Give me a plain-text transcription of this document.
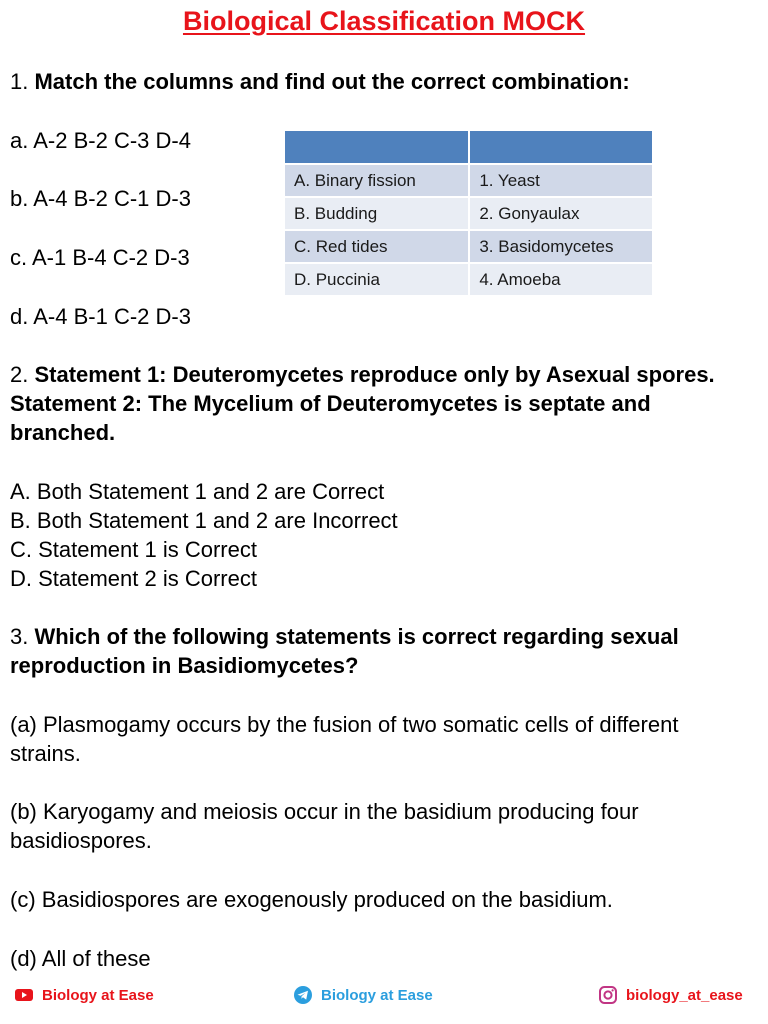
Biological Classification MOCK
1. Match the columns and find out the correct combination:
a. A-2 B-2 C-3 D-4
b. A-4 B-2 C-1 D-3
c. A-1 B-4 C-2 D-3
d. A-4 B-1 C-2 D-3

A. Binary fission	1. Yeast
B. Budding	2. Gonyaulax
C. Red tides	3. Basidomycetes
D. Puccinia	4. Amoeba
2. Statement 1: Deuteromycetes reproduce only by Asexual spores. Statement 2: The Mycelium of Deuteromycetes is septate and branched.
A. Both Statement 1 and 2 are Correct
B. Both Statement 1 and 2 are Incorrect
C. Statement 1 is Correct
D. Statement 2 is Correct
3. Which of the following statements is correct regarding sexual reproduction in Basidiomycetes?
(a) Plasmogamy occurs by the fusion of two somatic cells of different strains.
(b) Karyogamy and meiosis occur in the basidium producing four basidiospores.
(c) Basidiospores are exogenously produced on the basidium.
(d) All of these
Biology at Ease	Biology at Ease	biology_at_ease
